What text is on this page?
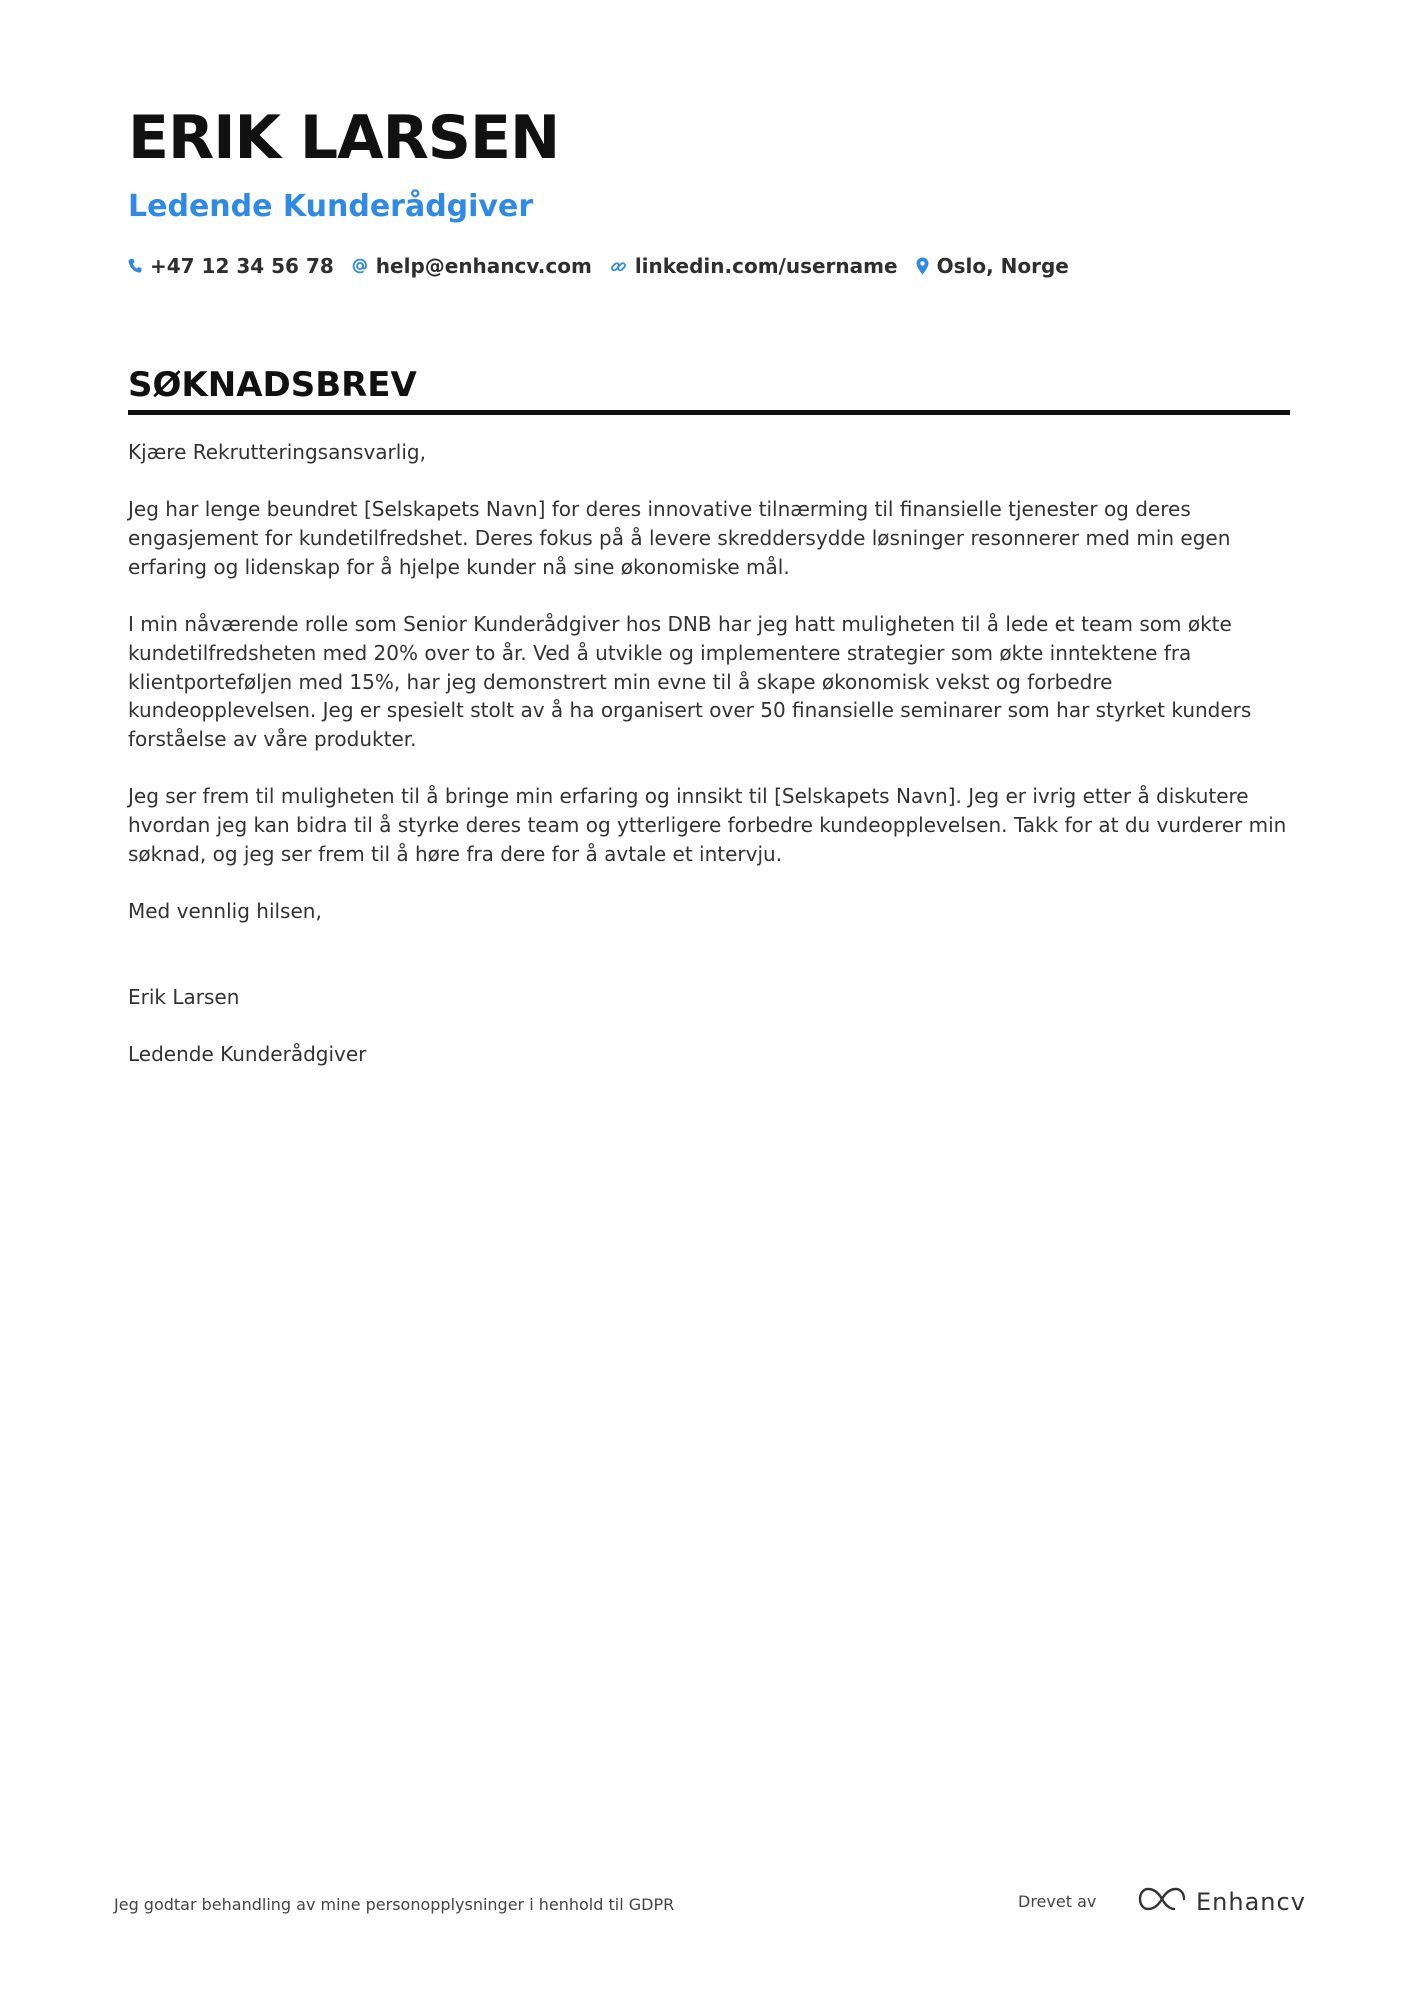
ERIK LARSEN
Ledende Kunderådgiver
+47 12 34 56 78 help@enhancv.com linkedin.com/username Oslo, Norge
SØKNADSBREV

Kjære Rekrutteringsansvarlig,

Jeg har lenge beundret [Selskapets Navn] for deres innovative tilnærming til finansielle tjenester og deres engasjement for kundetilfredshet. Deres fokus på å levere skreddersydde løsninger resonnerer med min egen erfaring og lidenskap for å hjelpe kunder nå sine økonomiske mål.

I min nåværende rolle som Senior Kunderådgiver hos DNB har jeg hatt muligheten til å lede et team som økte kundetilfredsheten med 20% over to år. Ved å utvikle og implementere strategier som økte inntektene fra klientporteføljen med 15%, har jeg demonstrert min evne til å skape økonomisk vekst og forbedre kundeopplevelsen. Jeg er spesielt stolt av å ha organisert over 50 finansielle seminarer som har styrket kunders forståelse av våre produkter.

Jeg ser frem til muligheten til å bringe min erfaring og innsikt til [Selskapets Navn]. Jeg er ivrig etter å diskutere hvordan jeg kan bidra til å styrke deres team og ytterligere forbedre kundeopplevelsen. Takk for at du vurderer min søknad, og jeg ser frem til å høre fra dere for å avtale et intervju.

Med vennlig hilsen,

Erik Larsen

Ledende Kunderådgiver

Jeg godtar behandling av mine personopplysninger i henhold til GDPR	Drevet av	Enhancv
